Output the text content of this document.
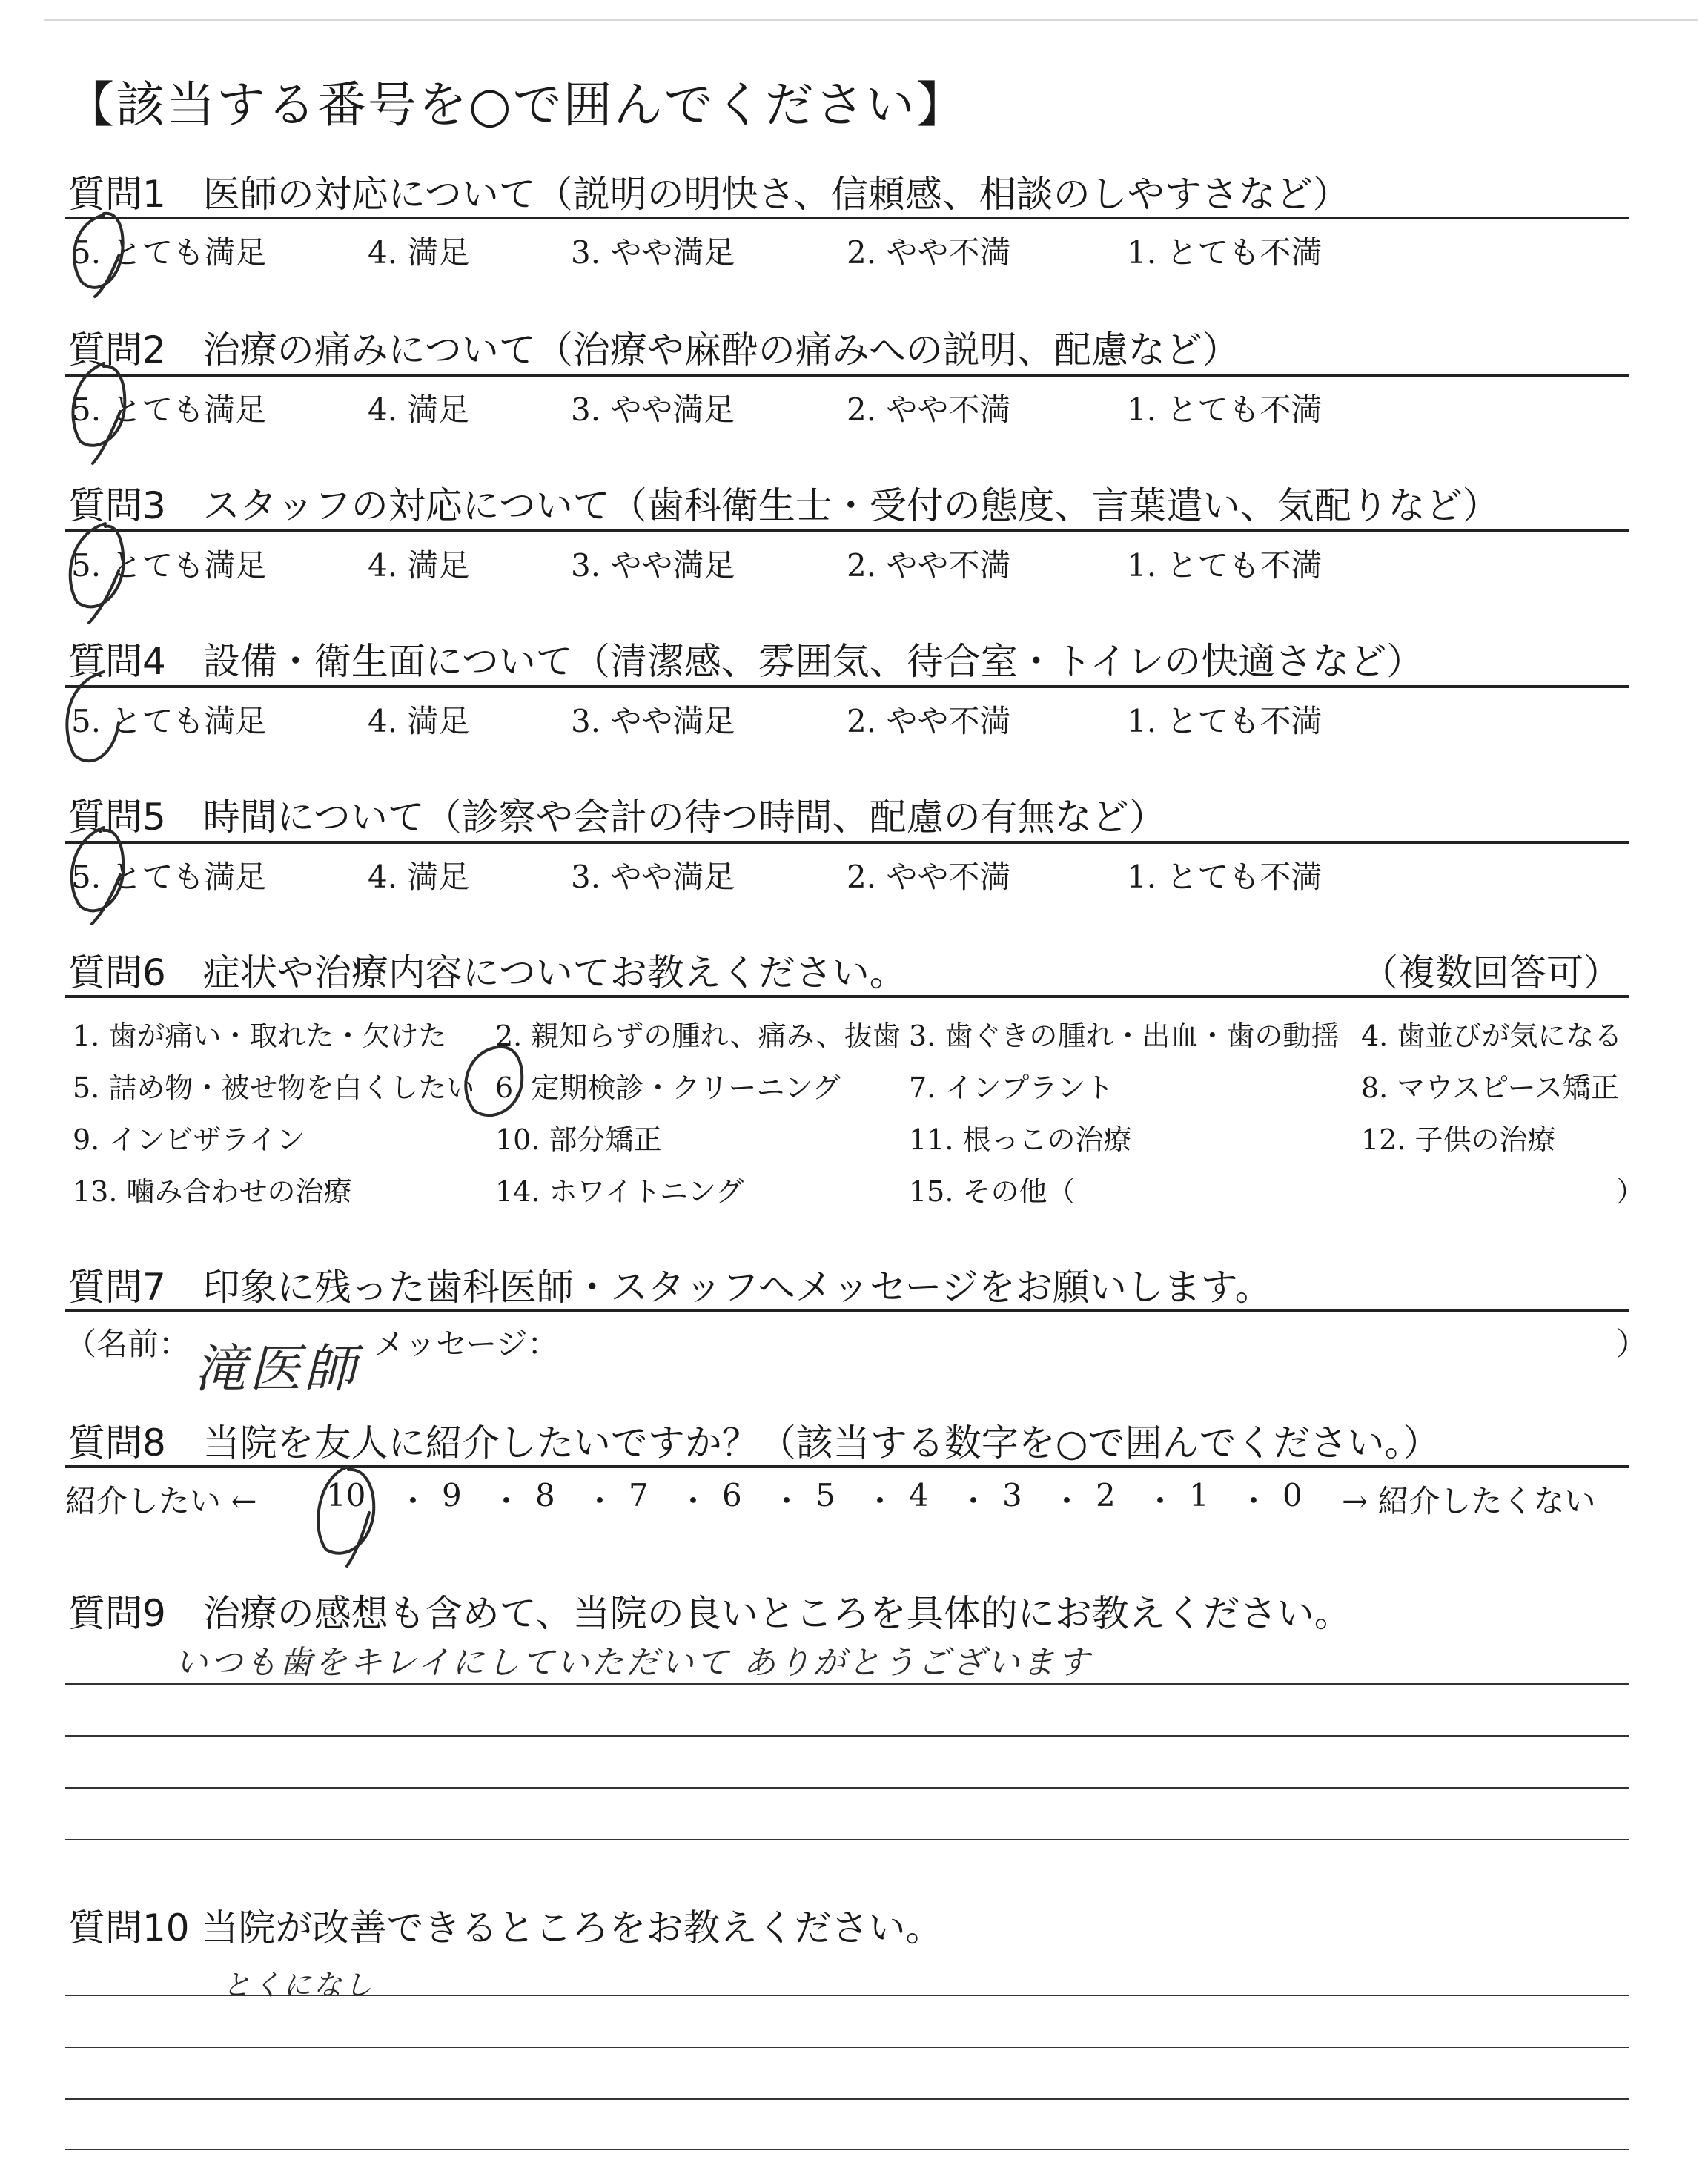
【該当する番号を○で囲んでください】
質問1　医師の対応について（説明の明快さ、信頼感、相談のしやすさなど）
5. とても満足	4. 満足	3. やや満足	2. やや不満	1. とても不満
質問2　治療の痛みについて（治療や麻酔の痛みへの説明、配慮など）
5. とても満足	4. 満足	3. やや満足	2. やや不満	1. とても不満
質問3　スタッフの対応について（歯科衛生士・受付の態度、言葉遣い、気配りなど）
5. とても満足	4. 満足	3. やや満足	2. やや不満	1. とても不満
質問4　設備・衛生面について（清潔感、雰囲気、待合室・トイレの快適さなど）
5. とても満足	4. 満足	3. やや満足	2. やや不満	1. とても不満
質問5　時間について（診察や会計の待つ時間、配慮の有無など）
5. とても満足	4. 満足	3. やや満足	2. やや不満	1. とても不満
質問6　症状や治療内容についてお教えください。	（複数回答可）
1. 歯が痛い・取れた・欠けた 2. 親知らずの腫れ、痛み、抜歯 3. 歯ぐきの腫れ・出血・歯の動揺 4. 歯並びが気になる
5. 詰め物・被せ物を白くしたい 6. 定期検診・クリーニング 7. インプラント	8. マウスピース矯正
9. インビザライン	10. 部分矯正	11. 根っこの治療	12. 子供の治療
13. 噛み合わせの治療	14. ホワイトニング	15. その他（	）
質問7　印象に残った歯科医師・スタッフへメッセージをお願いします。
（名前：	メッセージ：	）
滝医師
質問8　当院を友人に紹介したいですか？（該当する数字を○で囲んでください。）
紹介したい ← 10 ・ 9 ・ 8 ・ 7 ・ 6 ・ 5 ・ 4 ・ 3 ・ 2 ・ 1 ・ 0 → 紹介したくない
質問9　治療の感想も含めて、当院の良いところを具体的にお教えください。
いつも歯をキレイにしていただいて ありがとうございます
質問10 当院が改善できるところをお教えください。
とくになし
